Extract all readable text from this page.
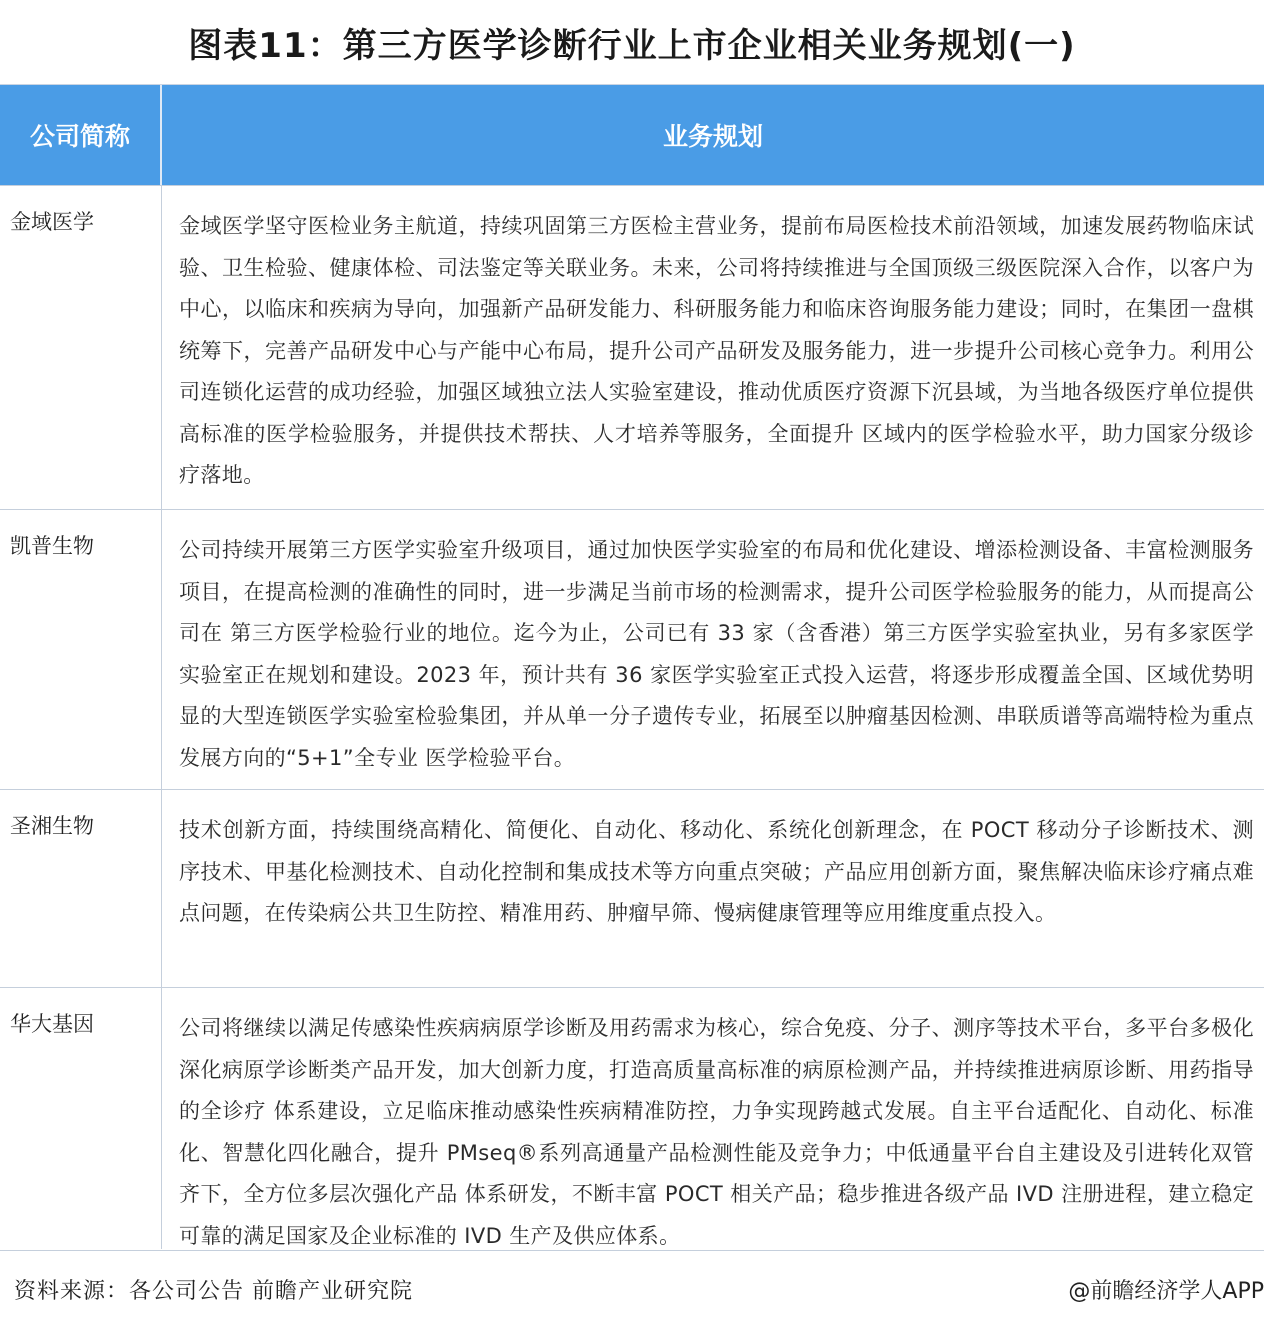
图表11：第三方医学诊断行业上市企业相关业务规划(一)
公司简称	业务规划
金域医学	金域医学坚守医检业务主航道，持续巩固第三方医检主营业务，提前布局医检技术前沿领域，加速发展药物临床试验、卫生检验、健康体检、司法鉴定等关联业务。未来，公司将持续推进与全国顶级三级医院深入合作，以客户为中心，以临床和疾病为导向，加强新产品研发能力、科研服务能力和临床咨询服务能力建设；同时，在集团一盘棋统筹下，完善产品研发中心与产能中心布局，提升公司产品研发及服务能力，进一步提升公司核心竞争力。利用公司连锁化运营的成功经验，加强区域独立法人实验室建设，推动优质医疗资源下沉县域，为当地各级医疗单位提供高标准的医学检验服务，并提供技术帮扶、人才培养等服务，全面提升 区域内的医学检验水平，助力国家分级诊疗落地。
凯普生物	公司持续开展第三方医学实验室升级项目，通过加快医学实验室的布局和优化建设、增添检测设备、丰富检测服务项目，在提高检测的准确性的同时，进一步满足当前市场的检测需求，提升公司医学检验服务的能力，从而提高公司在 第三方医学检验行业的地位。迄今为止，公司已有 33 家（含香港）第三方医学实验室执业，另有多家医学实验室正在规划和建设。2023 年，预计共有 36 家医学实验室正式投入运营，将逐步形成覆盖全国、区域优势明显的大型连锁医学实验室检验集团，并从单一分子遗传专业，拓展至以肿瘤基因检测、串联质谱等高端特检为重点发展方向的“5+1”全专业 医学检验平台。
圣湘生物	技术创新方面，持续围绕高精化、简便化、自动化、移动化、系统化创新理念，在 POCT 移动分子诊断技术、测序技术、甲基化检测技术、自动化控制和集成技术等方向重点突破；产品应用创新方面，聚焦解决临床诊疗痛点难点问题，在传染病公共卫生防控、精准用药、肿瘤早筛、慢病健康管理等应用维度重点投入。
华大基因	公司将继续以满足传感染性疾病病原学诊断及用药需求为核心，综合免疫、分子、测序等技术平台，多平台多极化深化病原学诊断类产品开发，加大创新力度，打造高质量高标准的病原检测产品，并持续推进病原诊断、用药指导的全诊疗 体系建设，立足临床推动感染性疾病精准防控，力争实现跨越式发展。自主平台适配化、自动化、标准化、智慧化四化融合，提升 PMseq®系列高通量产品检测性能及竞争力；中低通量平台自主建设及引进转化双管齐下，全方位多层次强化产品 体系研发，不断丰富 POCT 相关产品；稳步推进各级产品 IVD 注册进程，建立稳定可靠的满足国家及企业标准的 IVD 生产及供应体系。
资料来源：各公司公告 前瞻产业研究院	@前瞻经济学人APP
